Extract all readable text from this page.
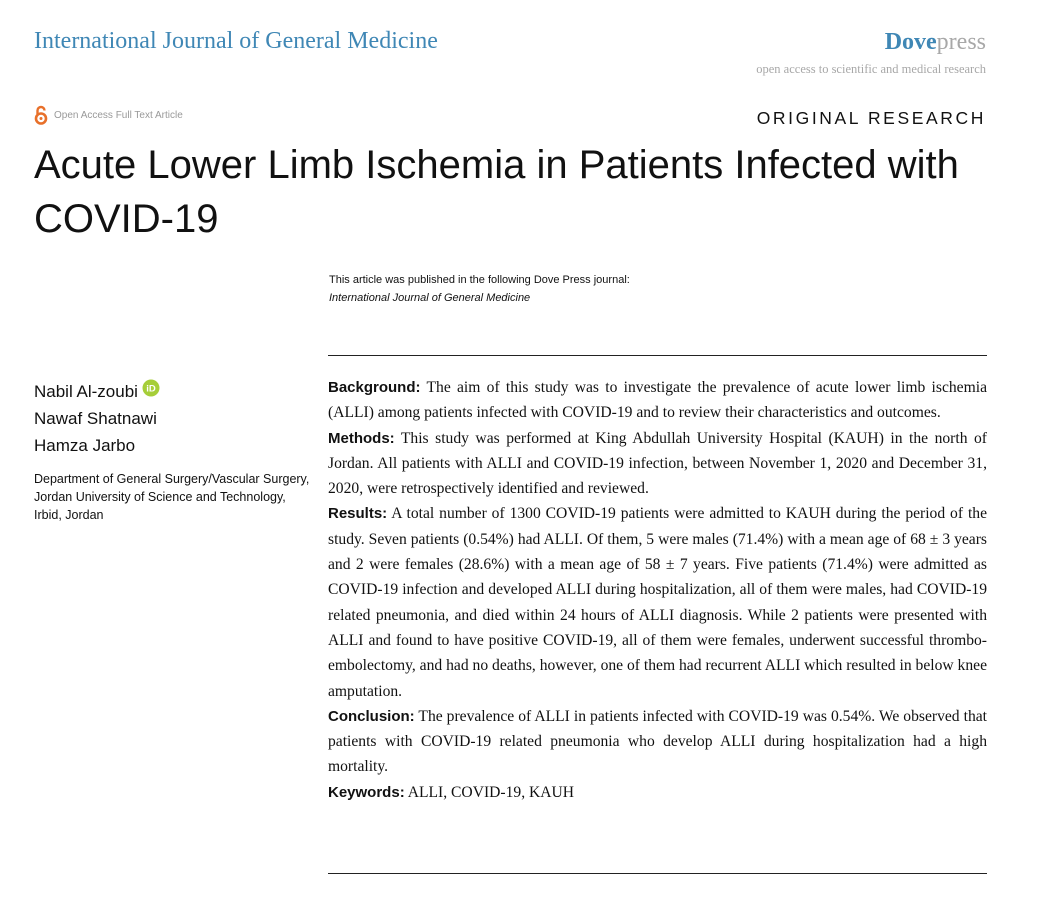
International Journal of General Medicine	Dovepress
open access to scientific and medical research
Open Access Full Text Article	ORIGINAL RESEARCH
Acute Lower Limb Ischemia in Patients Infected with COVID-19
This article was published in the following Dove Press journal:
International Journal of General Medicine
Nabil Al-zoubi iD
Nawaf Shatnawi
Hamza Jarbo
Department of General Surgery/Vascular Surgery, Jordan University of Science and Technology, Irbid, Jordan

Background: The aim of this study was to investigate the prevalence of acute lower limb ischemia (ALLI) among patients infected with COVID-19 and to review their characteristics and outcomes.

Methods: This study was performed at King Abdullah University Hospital (KAUH) in the north of Jordan. All patients with ALLI and COVID-19 infection, between November 1, 2020 and December 31, 2020, were retrospectively identified and reviewed.

Results: A total number of 1300 COVID-19 patients were admitted to KAUH during the period of the study. Seven patients (0.54%) had ALLI. Of them, 5 were males (71.4%) with a mean age of 68 ± 3 years and 2 were females (28.6%) with a mean age of 58 ± 7 years. Five patients (71.4%) were admitted as COVID-19 infection and developed ALLI during hospitalization, all of them were males, had COVID-19 related pneumonia, and died within 24 hours of ALLI diagnosis. While 2 patients were presented with ALLI and found to have positive COVID-19, all of them were females, underwent successful thrombo-embolectomy, and had no deaths, however, one of them had recurrent ALLI which resulted in below knee amputation.

Conclusion: The prevalence of ALLI in patients infected with COVID-19 was 0.54%. We observed that patients with COVID-19 related pneumonia who develop ALLI during hospitalization had a high mortality.

Keywords: ALLI, COVID-19, KAUH
